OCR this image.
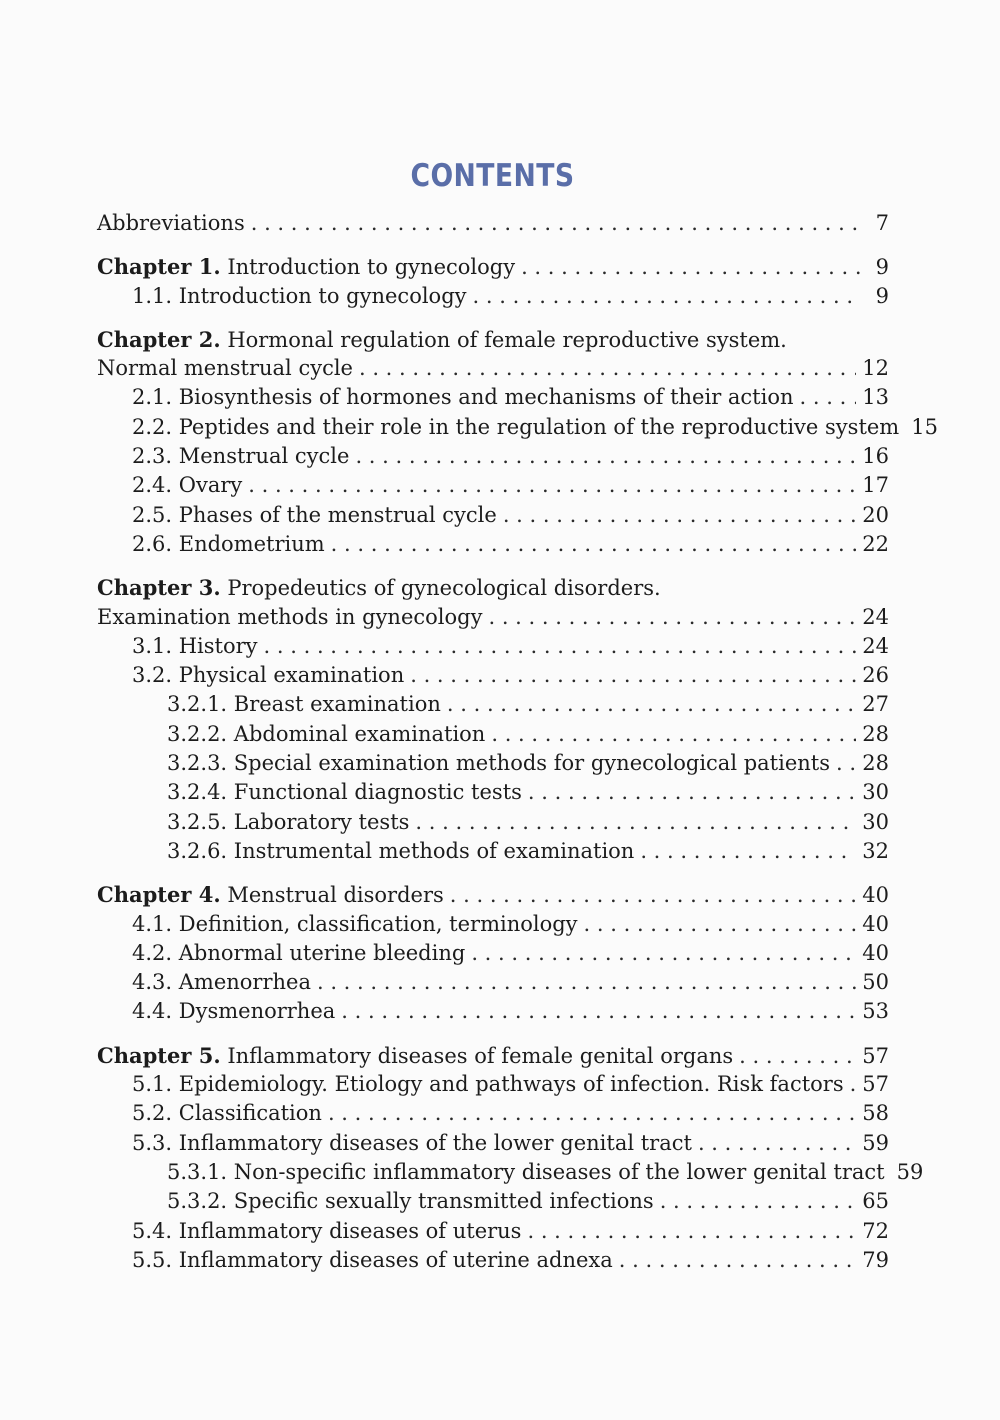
CONTENTS
Abbreviations . . .	7
Chapter 1. Introduction to gynecology . . .	9
1.1. Introduction to gynecology . . .	9
Chapter 2. Hormonal regulation of female reproductive system.
Normal menstrual cycle . . .	12
2.1. Biosynthesis of hormones and mechanisms of their action . . .	13
2.2. Peptides and their role in the regulation of the reproductive system 15
2.3. Menstrual cycle . . .	16
2.4. Ovary . . .	17
2.5. Phases of the menstrual cycle . . .	20
2.6. Endometrium . . .	22
Chapter 3. Propedeutics of gynecological disorders.
Examination methods in gynecology . . .	24
3.1. History . . .	24
3.2. Physical examination . . .	26
3.2.1. Breast examination . . .	27
3.2.2. Abdominal examination . . .	28
3.2.3. Special examination methods for gynecological patients . . . 28
3.2.4. Functional diagnostic tests . . .	30
3.2.5. Laboratory tests . . .	30
3.2.6. Instrumental methods of examination . . .	32
Chapter 4. Menstrual disorders . . .	40
4.1. Definition, classification, terminology . . .	40
4.2. Abnormal uterine bleeding . . .	40
4.3. Amenorrhea . . .	50
4.4. Dysmenorrhea . . .	53
Chapter 5. Inflammatory diseases of female genital organs . . .	57
5.1. Epidemiology. Etiology and pathways of infection. Risk factors . . . 57
5.2. Classification . . .	58
5.3. Inflammatory diseases of the lower genital tract . . .	59
5.3.1. Non-specific inflammatory diseases of the lower genital tract 59
5.3.2. Specific sexually transmitted infections . . .	65
5.4. Inflammatory diseases of uterus . . .	72
5.5. Inflammatory diseases of uterine adnexa . . .	79
